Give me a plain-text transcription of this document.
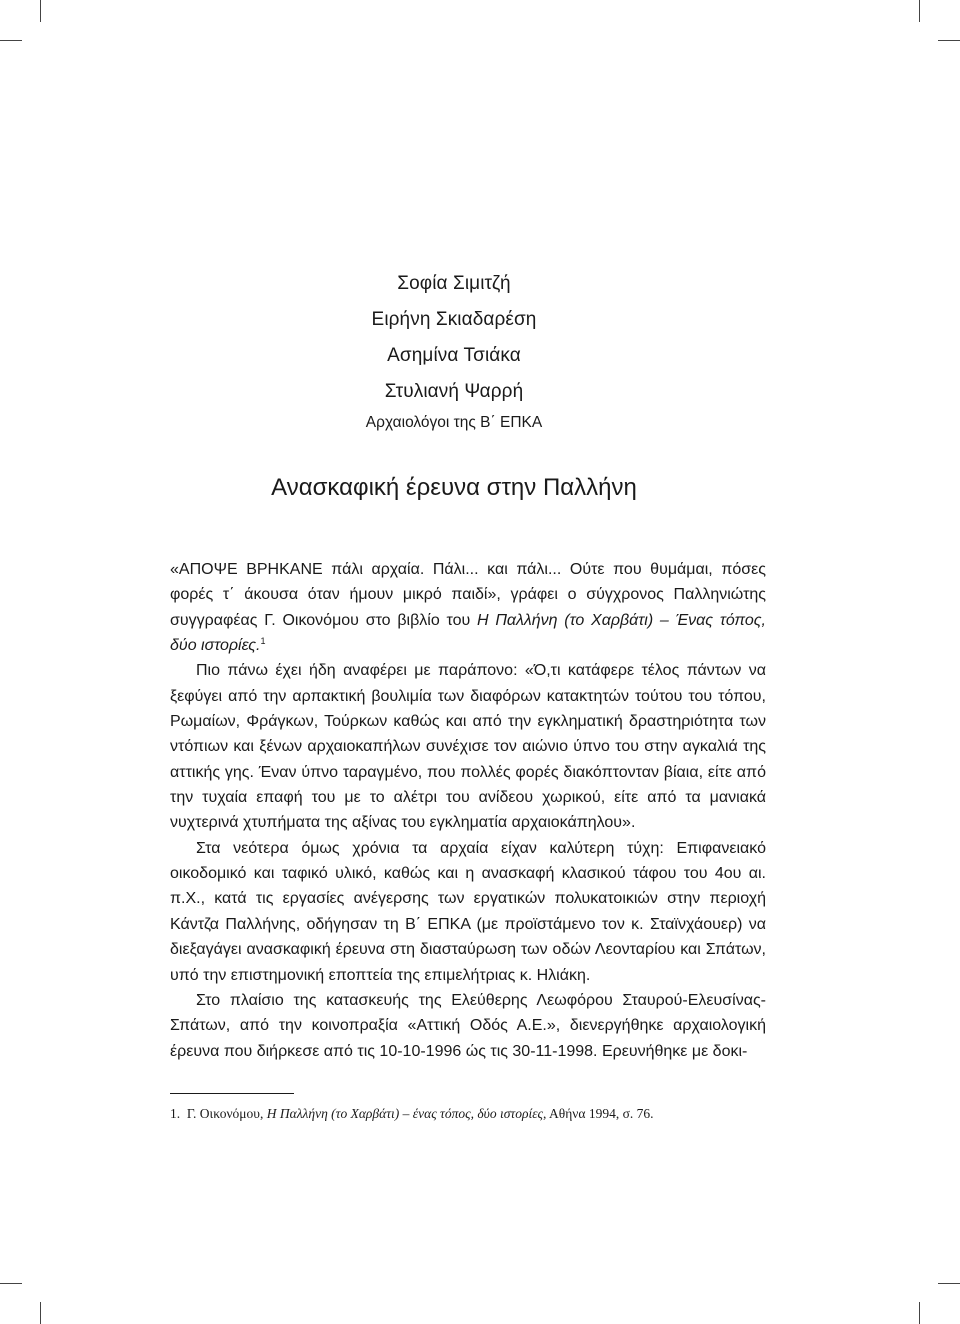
Σοφία Σιμιτζή
Ειρήνη Σκιαδαρέση
Ασημίνα Τσιάκα
Στυλιανή Ψαρρή
Αρχαιολόγοι της Β΄ ΕΠΚΑ
Ανασκαφική έρευνα στην Παλλήνη

«ΑΠΟΨΕ ΒΡΗΚΑΝΕ πάλι αρχαία. Πάλι... και πάλι... Ούτε που θυμάμαι, πόσες φορές τ΄ άκουσα όταν ήμουν μικρό παιδί», γράφει ο σύγχρονος Παλληνιώτης συγγραφέας Γ. Οικονόμου στο βιβλίο του Η Παλλήνη (το Χαρβάτι) – Ένας τόπος, δύο ιστορίες.$^1$

Πιο πάνω έχει ήδη αναφέρει με παράπονο: «Ό,τι κατάφερε τέλος πάντων να ξεφύγει από την αρπακτική βουλιμία των διαφόρων κατακτητών τούτου του τόπου, Ρωμαίων, Φράγκων, Τούρκων καθώς και από την εγκληματική δραστηριότητα των ντόπιων και ξένων αρχαιοκαπήλων συνέχισε τον αιώνιο ύπνο του στην αγκαλιά της αττικής γης. Έναν ύπνο ταραγμένο, που πολλές φορές διακόπτονταν βίαια, είτε από την τυχαία επαφή του με το αλέτρι του ανίδεου χωρικού, είτε από τα μανιακά νυχτερινά χτυπήματα της αξίνας του εγκληματία αρχαιοκάπηλου».

Στα νεότερα όμως χρόνια τα αρχαία είχαν καλύτερη τύχη: Επιφανειακό οικοδομικό και ταφικό υλικό, καθώς και η ανασκαφή κλασικού τάφου του 4ου αι. π.Χ., κατά τις εργασίες ανέγερσης των εργατικών πολυκατοικιών στην περιοχή Κάντζα Παλλήνης, οδήγησαν τη Β΄ ΕΠΚΑ (με προϊστάμενο τον κ. Σταϊνχάουερ) να διεξαγάγει ανασκαφική έρευνα στη διασταύρωση των οδών Λεονταρίου και Σπάτων, υπό την επιστημονική εποπτεία της επιμελήτριας κ. Ηλιάκη.

Στο πλαίσιο της κατασκευής της Ελεύθερης Λεωφόρου Σταυρού-Ελευσίνας-Σπάτων, από την κοινοπραξία «Αττική Οδός Α.Ε.», διενεργήθηκε αρχαιολογική έρευνα που διήρκεσε από τις 10-10-1996 ώς τις 30-11-1998. Ερευνήθηκε με δοκι-

1. Γ. Οικονόμου, Η Παλλήνη (το Χαρβάτι) – ένας τόπος, δύο ιστορίες, Αθήνα 1994, σ. 76.
